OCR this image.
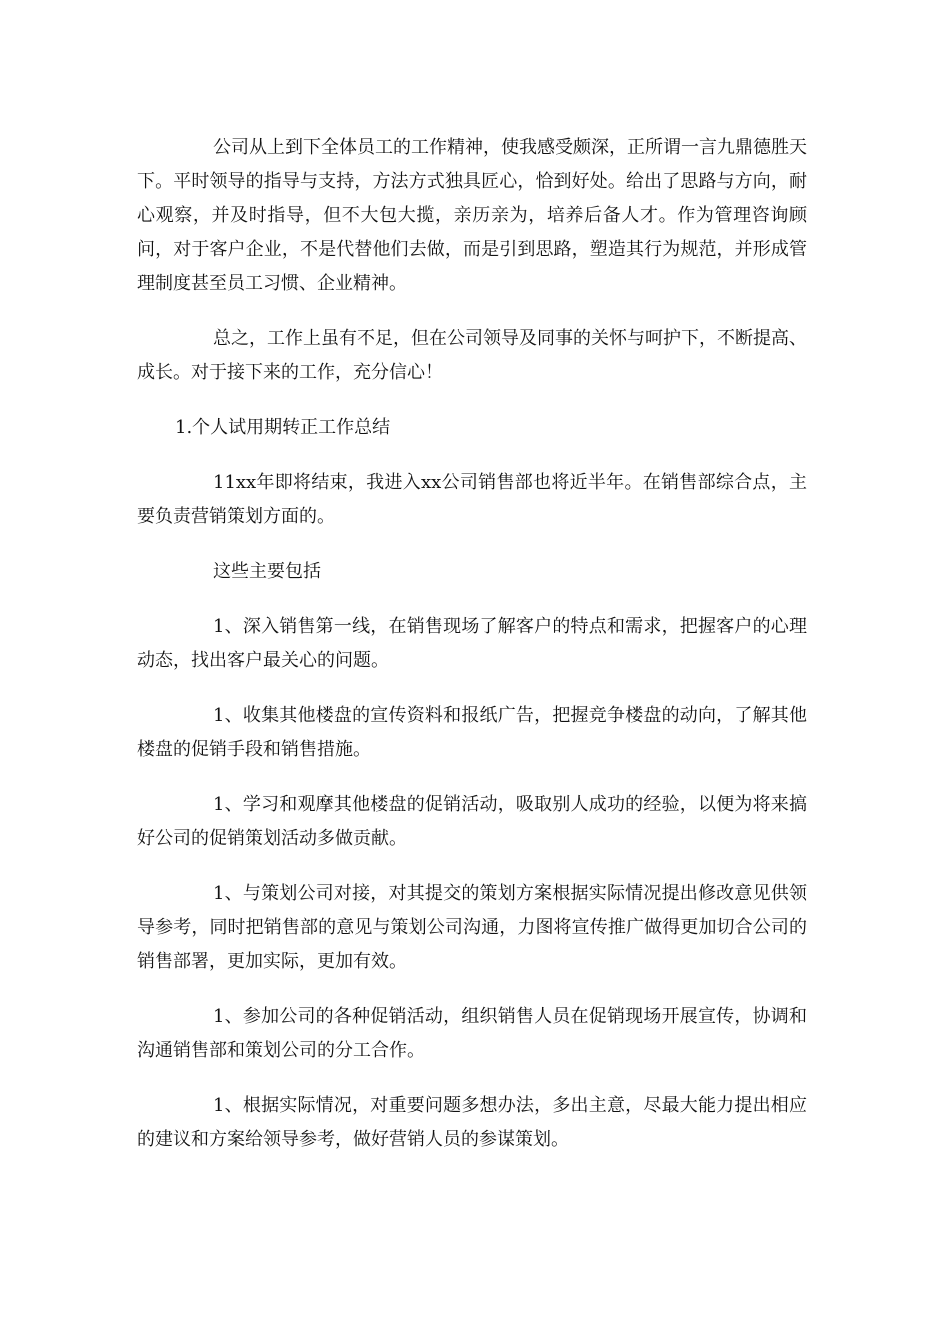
公司从上到下全体员工的工作精神，使我感受颇深，正所谓一言九鼎德胜天下。平时领导的指导与支持，方法方式独具匠心，恰到好处。给出了思路与方向，耐心观察，并及时指导，但不大包大揽，亲历亲为，培养后备人才。作为管理咨询顾问，对于客户企业，不是代替他们去做，而是引到思路，塑造其行为规范，并形成管理制度甚至员工习惯、企业精神。

总之，工作上虽有不足，但在公司领导及同事的关怀与呵护下，不断提高、成长。对于接下来的工作，充分信心！

1.个人试用期转正工作总结

11xx年即将结束，我进入xx公司销售部也将近半年。在销售部综合点，主要负责营销策划方面的。

这些主要包括

1、深入销售第一线，在销售现场了解客户的特点和需求，把握客户的心理动态，找出客户最关心的问题。

1、收集其他楼盘的宣传资料和报纸广告，把握竞争楼盘的动向，了解其他楼盘的促销手段和销售措施。

1、学习和观摩其他楼盘的促销活动，吸取别人成功的经验，以便为将来搞好公司的促销策划活动多做贡献。

1、与策划公司对接，对其提交的策划方案根据实际情况提出修改意见供领导参考，同时把销售部的意见与策划公司沟通，力图将宣传推广做得更加切合公司的销售部署，更加实际，更加有效。

1、参加公司的各种促销活动，组织销售人员在促销现场开展宣传，协调和沟通销售部和策划公司的分工合作。

1、根据实际情况，对重要问题多想办法，多出主意，尽最大能力提出相应的建议和方案给领导参考，做好营销人员的参谋策划。
